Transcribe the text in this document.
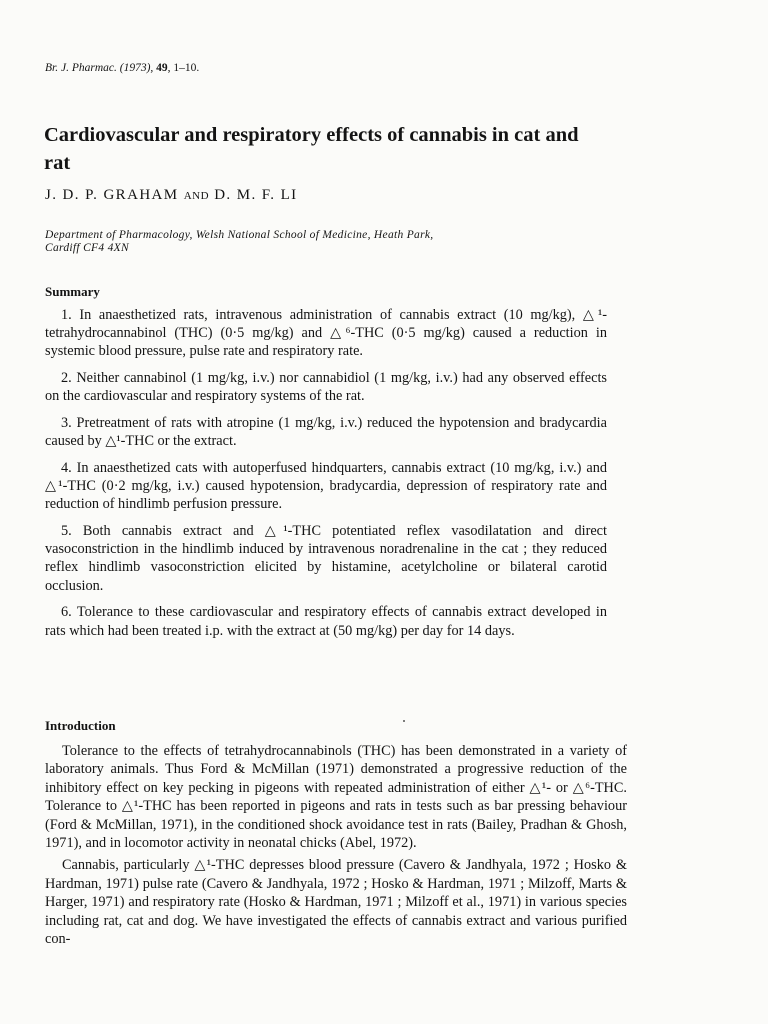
Br. J. Pharmac. (1973), 49, 1–10.
Cardiovascular and respiratory effects of cannabis in cat and rat
J. D. P. GRAHAM AND D. M. F. LI
Department of Pharmacology, Welsh National School of Medicine, Heath Park,
Cardiff CF4 4XN
Summary

1. In anaesthetized rats, intravenous administration of cannabis extract (10 mg/kg), △¹-tetrahydrocannabinol (THC) (0·5 mg/kg) and △⁶-THC (0·5 mg/kg) caused a reduction in systemic blood pressure, pulse rate and respiratory rate.

2. Neither cannabinol (1 mg/kg, i.v.) nor cannabidiol (1 mg/kg, i.v.) had any observed effects on the cardiovascular and respiratory systems of the rat.

3. Pretreatment of rats with atropine (1 mg/kg, i.v.) reduced the hypotension and bradycardia caused by △¹-THC or the extract.

4. In anaesthetized cats with autoperfused hindquarters, cannabis extract (10 mg/kg, i.v.) and △¹-THC (0·2 mg/kg, i.v.) caused hypotension, bradycardia, depression of respiratory rate and reduction of hindlimb perfusion pressure.

5. Both cannabis extract and △¹-THC potentiated reflex vasodilatation and direct vasoconstriction in the hindlimb induced by intravenous noradrenaline in the cat ; they reduced reflex hindlimb vasoconstriction elicited by histamine, acetylcholine or bilateral carotid occlusion.

6. Tolerance to these cardiovascular and respiratory effects of cannabis extract developed in rats which had been treated i.p. with the extract at (50 mg/kg) per day for 14 days.

Introduction

Tolerance to the effects of tetrahydrocannabinols (THC) has been demonstrated in a variety of laboratory animals. Thus Ford & McMillan (1971) demonstrated a progressive reduction of the inhibitory effect on key pecking in pigeons with repeated administration of either △¹- or △⁶-THC. Tolerance to △¹-THC has been reported in pigeons and rats in tests such as bar pressing behaviour (Ford & McMillan, 1971), in the conditioned shock avoidance test in rats (Bailey, Pradhan & Ghosh, 1971), and in locomotor activity in neonatal chicks (Abel, 1972).

Cannabis, particularly △¹-THC depresses blood pressure (Cavero & Jandhyala, 1972 ; Hosko & Hardman, 1971) pulse rate (Cavero & Jandhyala, 1972 ; Hosko & Hardman, 1971 ; Milzoff, Marts & Harger, 1971) and respiratory rate (Hosko & Hardman, 1971 ; Milzoff et al., 1971) in various species including rat, cat and dog. We have investigated the effects of cannabis extract and various purified con-
